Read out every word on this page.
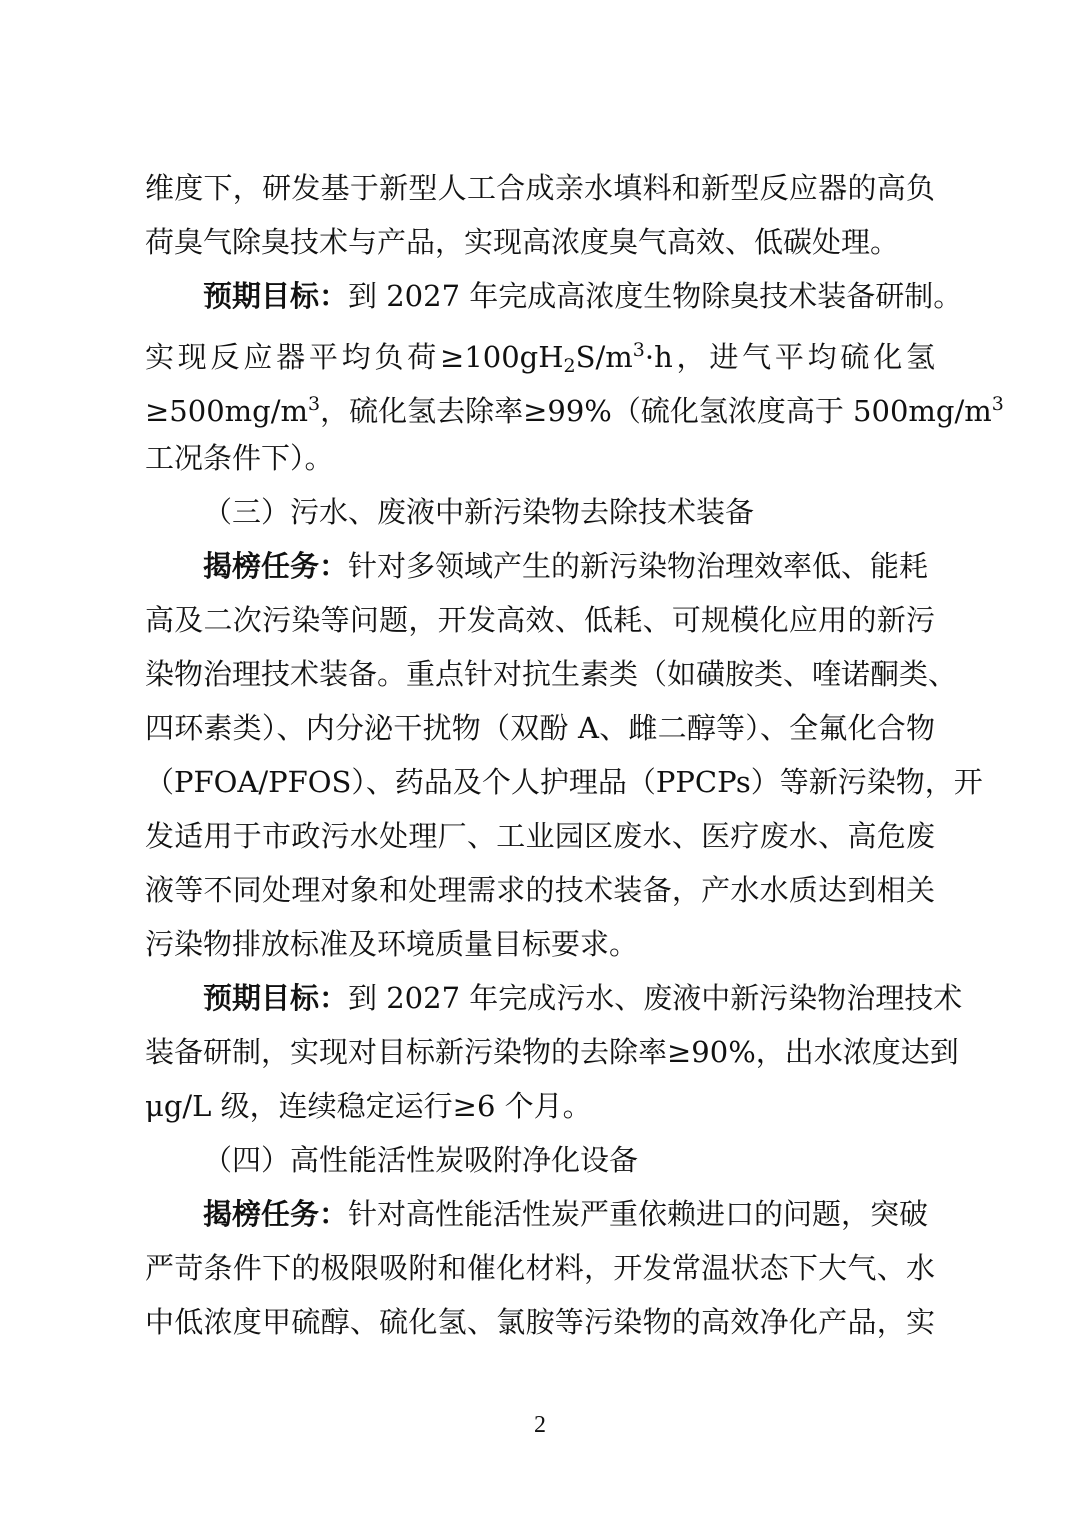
维度下，研发基于新型人工合成亲水填料和新型反应器的高负
荷臭气除臭技术与产品，实现高浓度臭气高效、低碳处理。
预期目标：到 2027 年完成高浓度生物除臭技术装备研制。
实现反应器平均负荷$\ge 100gH_2S/m^3\cdot h$，进气平均硫化氢
$\ge 500mg/m^3$，硫化氢去除率≥99%（硫化氢浓度高于 $500mg/m^3$
工况条件下）。
（三）污水、废液中新污染物去除技术装备
揭榜任务：针对多领域产生的新污染物治理效率低、能耗
高及二次污染等问题，开发高效、低耗、可规模化应用的新污
染物治理技术装备。重点针对抗生素类（如磺胺类、喹诺酮类、
四环素类）、内分泌干扰物（双酚 A、雌二醇等）、全氟化合物
（PFOA/PFOS）、药品及个人护理品（PPCPs）等新污染物，开
发适用于市政污水处理厂、工业园区废水、医疗废水、高危废
液等不同处理对象和处理需求的技术装备，产水水质达到相关
污染物排放标准及环境质量目标要求。
预期目标：到 2027 年完成污水、废液中新污染物治理技术
装备研制，实现对目标新污染物的去除率≥90%，出水浓度达到
μg/L 级，连续稳定运行≥6 个月。
（四）高性能活性炭吸附净化设备
揭榜任务：针对高性能活性炭严重依赖进口的问题，突破
严苛条件下的极限吸附和催化材料，开发常温状态下大气、水
中低浓度甲硫醇、硫化氢、氯胺等污染物的高效净化产品，实
2
